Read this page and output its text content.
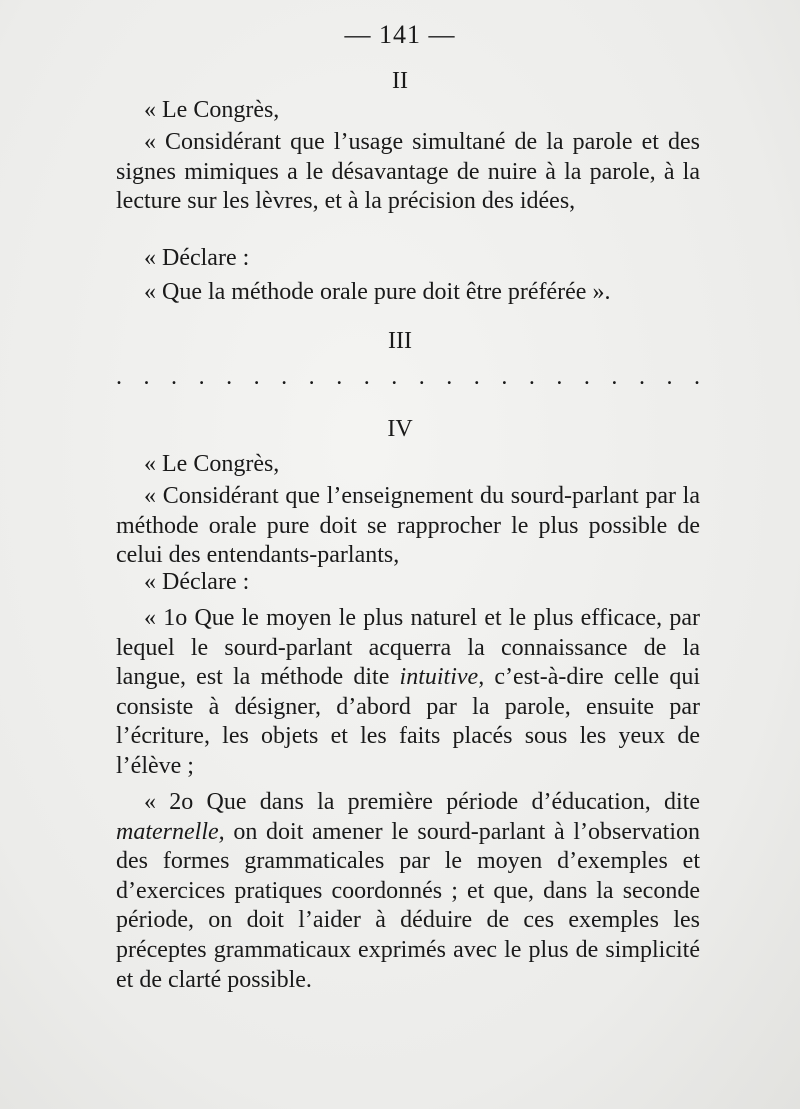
— 141 —
II

« Le Congrès,

« Considérant que l’usage simultané de la parole et des signes mimiques a le désavantage de nuire à la parole, à la lecture sur les lèvres, et à la précision des idées,

« Déclare :

« Que la méthode orale pure doit être préférée ».

III
. . . . . . . . . . . . . . . . . . . . . .
IV

« Le Congrès,

« Considérant que l’enseignement du sourd-parlant par la méthode orale pure doit se rapprocher le plus possible de celui des entendants-parlants,

« Déclare :

« 1o Que le moyen le plus naturel et le plus efficace, par lequel le sourd-parlant acquerra la connaissance de la langue, est la méthode dite intuitive, c’est-à-dire celle qui consiste à désigner, d’abord par la parole, ensuite par l’écriture, les objets et les faits placés sous les yeux de l’élève ;

« 2o Que dans la première période d’éducation, dite maternelle, on doit amener le sourd-parlant à l’observation des formes grammaticales par le moyen d’exemples et d’exercices pratiques coordonnés ; et que, dans la seconde période, on doit l’aider à déduire de ces exemples les préceptes grammaticaux exprimés avec le plus de simplicité et de clarté possible.
